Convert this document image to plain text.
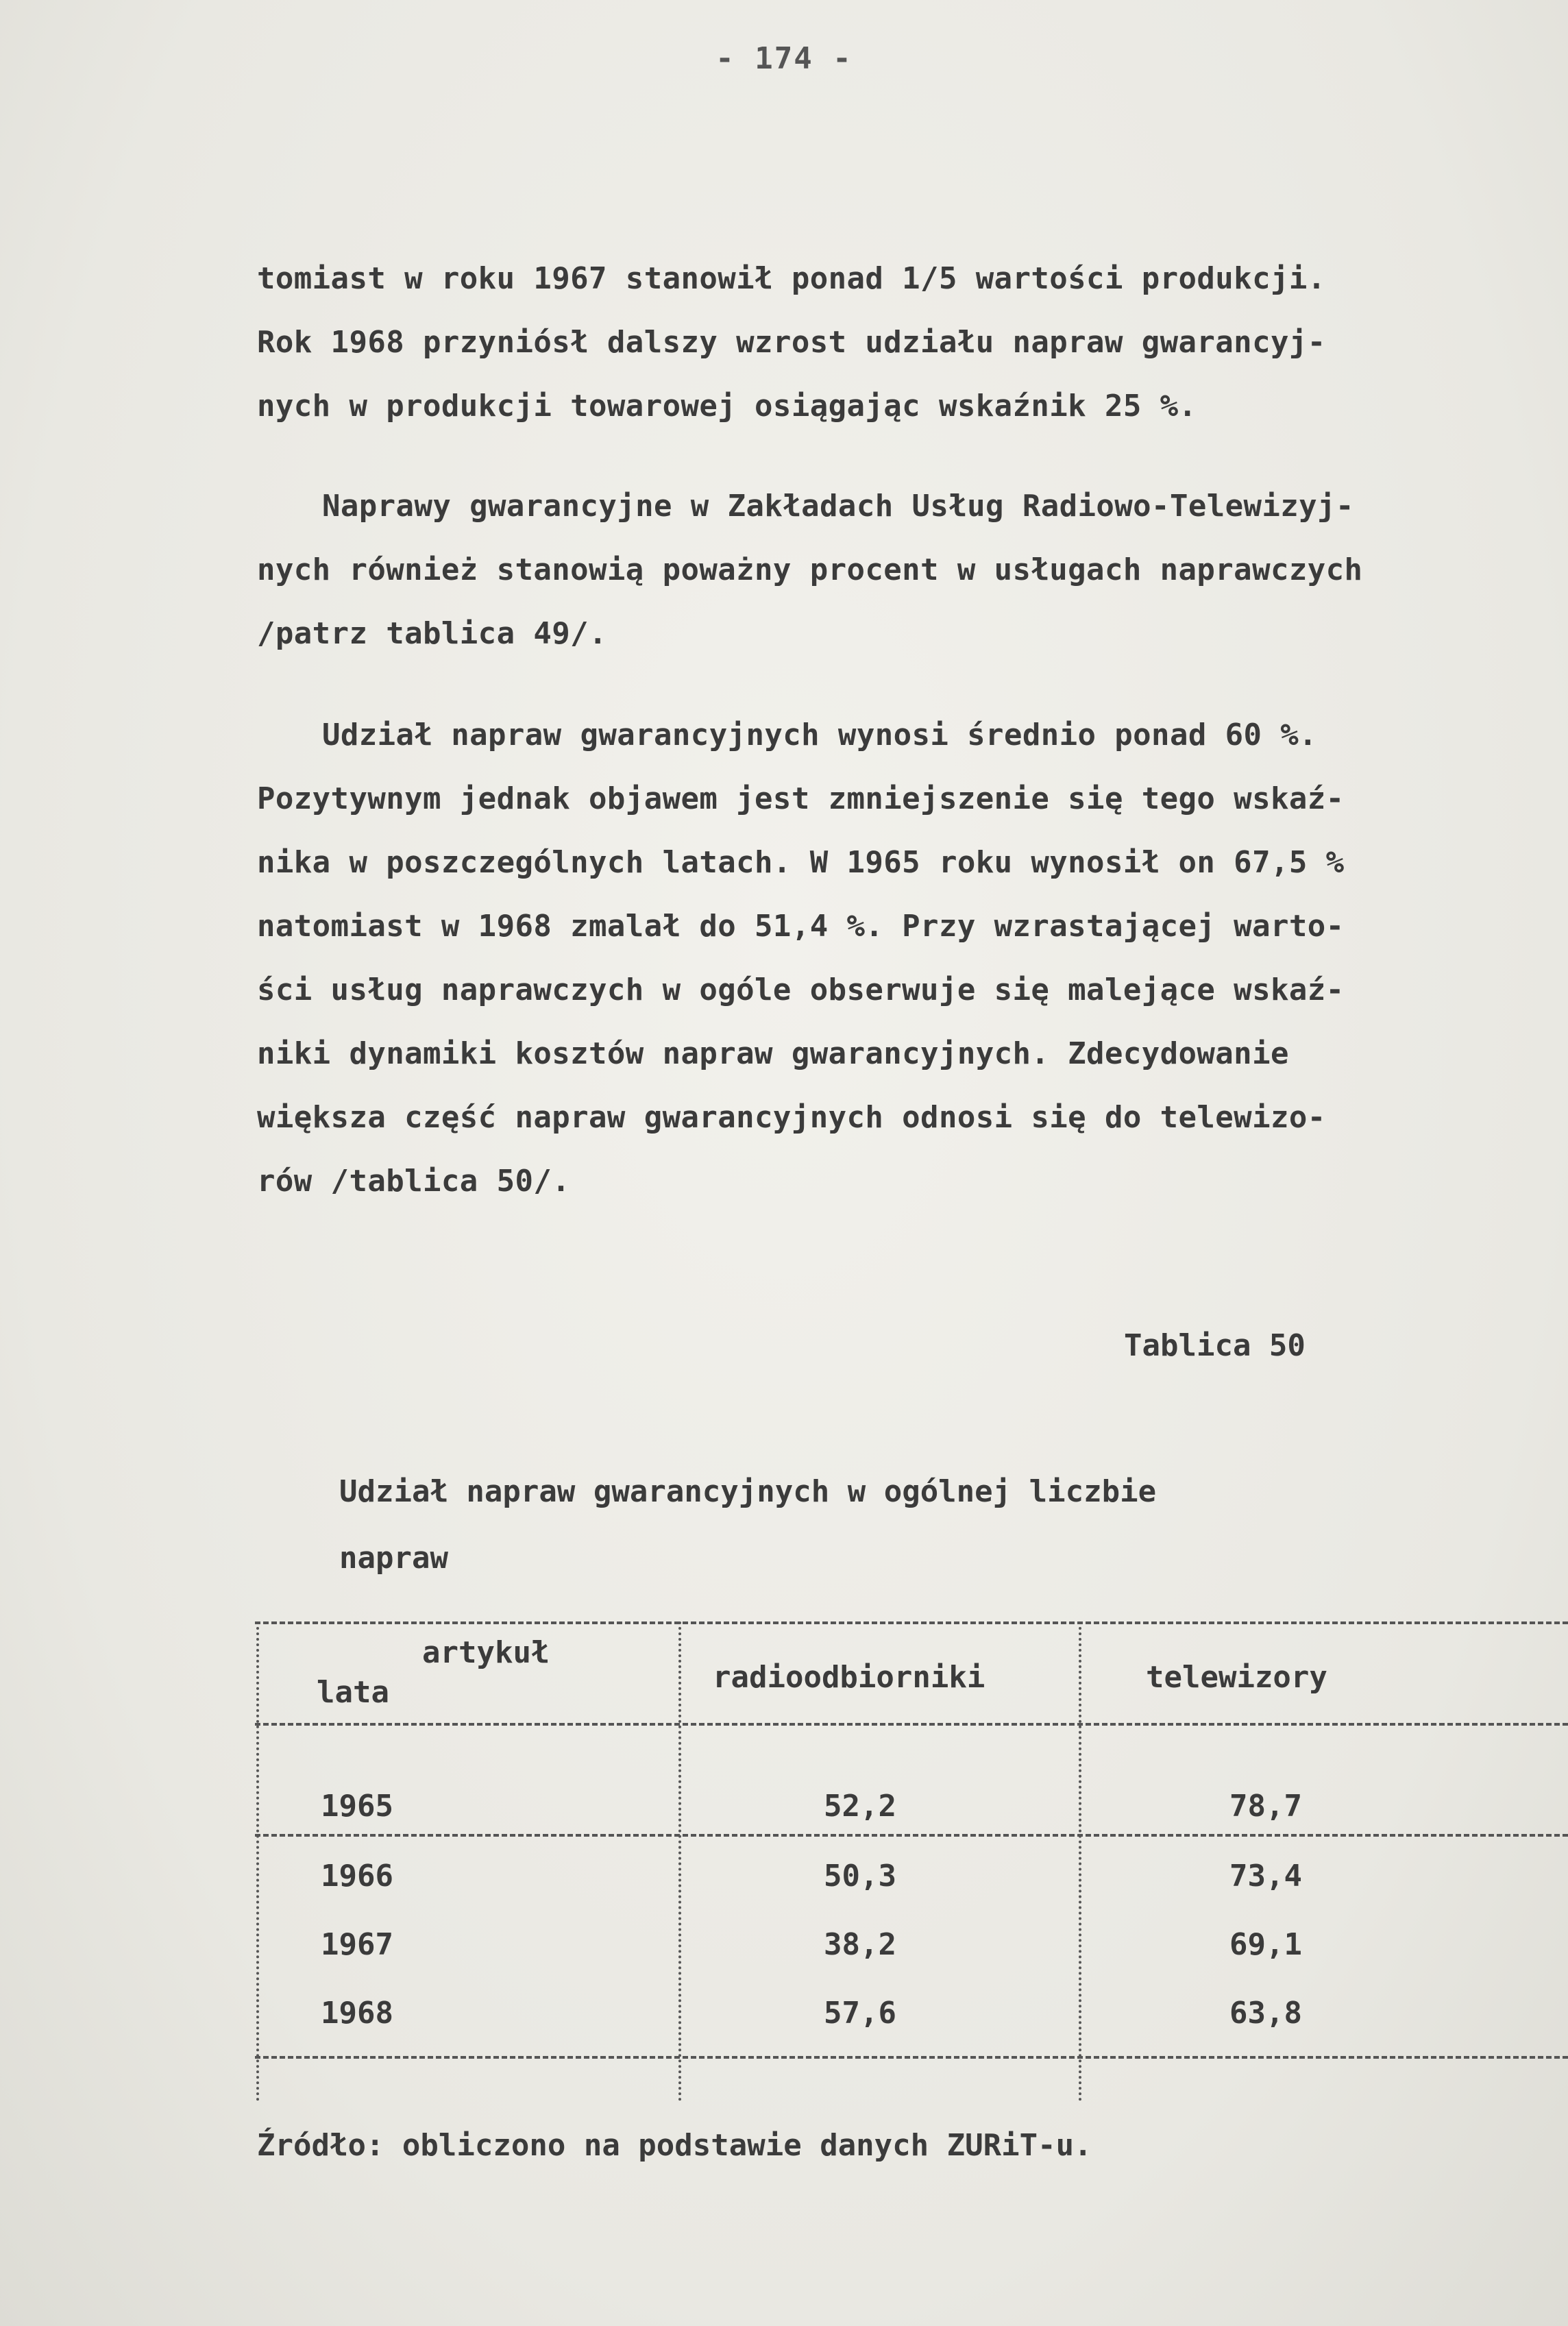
- 174 -
tomiast w roku 1967 stanowił ponad 1/5 wartości produkcji.
Rok 1968 przyniósł dalszy wzrost udziału napraw gwarancyj-
nych w produkcji towarowej osiągając wskaźnik 25 %.
Naprawy gwarancyjne w Zakładach Usług Radiowo-Telewizyj-
nych również stanowią poważny procent w usługach naprawczych
/patrz tablica 49/.
Udział napraw gwarancyjnych wynosi średnio ponad 60 %.
Pozytywnym jednak objawem jest zmniejszenie się tego wskaź-
nika w poszczególnych latach. W 1965 roku wynosił on 67,5 %
natomiast w 1968 zmalał do 51,4 %. Przy wzrastającej warto-
ści usług naprawczych w ogóle obserwuje się malejące wskaź-
niki dynamiki kosztów napraw gwarancyjnych. Zdecydowanie
większa część napraw gwarancyjnych odnosi się do telewizo-
rów /tablica 50/.
Tablica 50
Udział napraw gwarancyjnych w ogólnej liczbie
napraw
artykuł
lata	radioodbiorniki	telewizory
1965	52,2	78,7
1966	50,3	73,4
1967	38,2	69,1
1968	57,6	63,8
Źródło: obliczono na podstawie danych ZURiT-u.
